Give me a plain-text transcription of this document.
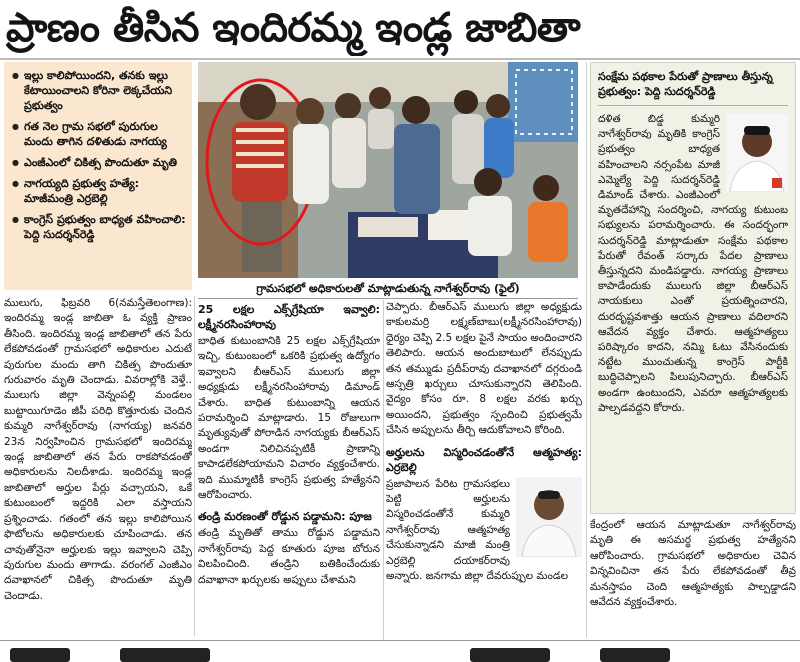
ప్రాణం తీసిన ఇందిరమ్మ ఇండ్ల జాబితా
● ఇల్లు కాలిపోయిందని, తనకు ఇల్లు కేటాయించాలని కోరినా లెక్కచేయని ప్రభుత్వం
● గత నెల గ్రామ సభలో పురుగుల మందు తాగిన దళితుడు నాగయ్య
● ఎంజీఎంలో చికిత్స పొందుతూ మృతి
● నాగయ్యది ప్రభుత్వ హత్యే: మాజీమంత్రి ఎర్రబెల్లి
● కాంగ్రెస్ ప్రభుత్వం బాధ్యత వహించాలి: పెద్ది సుదర్శన్‌రెడ్డి
గ్రామసభలో అధికారులతో మాట్లాడుతున్న నాగేశ్వర్‌రావు (ఫైల్)

ములుగు, ఫిబ్రవరి 6(నమస్తేతెలంగాణ): ఇందిరమ్మ ఇండ్ల జాబితా ఓ వ్యక్తి ప్రాణం తీసింది. ఇందిరమ్మ ఇండ్ల జాబితాలో తన పేరు లేకపోవడంతో గ్రామసభలో అధికారుల ఎదుటే పురుగుల మందు తాగి చికిత్స పొందుతూ గురువారం మృతి చెందాడు. వివరాల్లోకి వెళ్తే.. ములుగు జిల్లా వెన్నంపల్లి మండలం బుట్టాయిగూడెం జీపీ పరిధి కొత్తూరుకు చెందిన కుమ్మరి నాగేశ్వర్‌రావు (నాగయ్య) జనవరి 23న నిర్వహించిన గ్రామసభలో ఇందిరమ్మ ఇండ్ల జాబితాలో తన పేరు రాకపోవడంతో అధికారులను నిలదీశాడు. ఇందిరమ్మ ఇండ్ల జాబితాలో అర్హుల పేర్లు వచ్చాయని, ఒకే కుటుంబంలో ఇద్దరికి ఎలా వస్తాయని ప్రశ్నించాడు. గతంలో తన ఇల్లు కాలిపోయిన ఫొటోలను అధికారులకు చూపించాడు. తన చావుతోనైనా అర్హులకు ఇల్లు ఇవ్వాలని చెప్పి పురుగుల మందు తాగాడు. వరంగల్ ఎంజీఎం దవాఖానలో చికిత్స పొందుతూ మృతి చెందాడు.

25 లక్షల ఎక్స్‌గ్రేషియా ఇవ్వాలి: లక్ష్మీనరసింహారావు

బాధిత కుటుంబానికి 25 లక్షల ఎక్స్‌గ్రేషియా ఇచ్చి, కుటుంబంలో ఒకరికి ప్రభుత్వ ఉద్యోగం ఇవ్వాలని బీఆర్‌ఎస్ ములుగు జిల్లా అధ్యక్షుడు లక్ష్మీనరసింహారావు డిమాండ్ చేశారు. బాధిత కుటుంబాన్ని ఆయన పరామర్శించి మాట్లాడారు. 15 రోజులుగా మృత్యువుతో పోరాడిన నాగయ్యకు బీఆర్‌ఎస్ అండగా నిలిచినప్పటికీ ప్రాణాన్ని కాపాడలేకపోయామని విచారం వ్యక్తంచేశారు. ఇది ముమ్మాటికీ కాంగ్రెస్ ప్రభుత్వ హత్యేనని ఆరోపించారు.

తండ్రి మరణంతో రోడ్డున పడ్డామని: పూజ

తండ్రి మృతితో తాము రోడ్డున పడ్డామని నాగేశ్వర్‌రావు పెద్ద కూతురు పూజ బోరున విలపించింది. తండ్రిని బతికించేందుకు దవాఖానా ఖర్చులకు అప్పులు చేశామని

చెప్పారు. బీఆర్‌ఎస్ ములుగు జిల్లా అధ్యక్షుడు కాకులమర్రి లక్ష్మణ్‌బాబు(లక్ష్మీనరసింహారావు) ధైర్యం చెప్పి 2.5 లక్షల పైనే సాయం అందించారని తెలిపారు. ఆయన అందుబాటులో లేనప్పుడు తన తమ్ముడు ప్రదీప్‌రావు దవాఖానలో దగ్గరుండి ఆస్పత్రి ఖర్చులు చూసుకున్నారని తెలిపింది. వైద్యం కోసం రూ. 8 లక్షల వరకు ఖర్చు అయిందని, ప్రభుత్వం స్పందించి ప్రభుత్వమే చేసిన అప్పులను తీర్చి ఆదుకోవాలని కోరింది.

అర్హులను విస్మరించడంతోనే ఆత్మహత్య: ఎర్రబెల్లి

ప్రజాపాలన పేరిట గ్రామసభలు పెట్టి అర్హులను విస్మరించడంతోనే కుమ్మరి నాగేశ్వర్‌రావు ఆత్మహత్య చేసుకున్నాడని మాజీ మంత్రి ఎర్రబెల్లి దయాకర్‌రావు అన్నారు. జనగామ జిల్లా దేవరుప్పుల మండల

సంక్షేమ పథకాల పేరుతో ప్రాణాలు తీస్తున్న ప్రభుత్వం: పెద్ది సుదర్శన్‌రెడ్డి

దళిత బిడ్డ కుమ్మరి నాగేశ్వర్‌రావు మృతికి కాంగ్రెస్ ప్రభుత్వం బాధ్యత వహించాలని నర్సంపేట మాజీ ఎమ్మెల్యే పెద్ది సుదర్శన్‌రెడ్డి డిమాండ్ చేశారు. ఎంజీఎంలో మృతదేహాన్ని సందర్శించి, నాగయ్య కుటుంబ సభ్యులను పరామర్శించారు. ఈ సందర్భంగా సుదర్శన్‌రెడ్డి మాట్లాడుతూ సంక్షేమ పథకాల పేరుతో రేవంత్ సర్కారు పేదల ప్రాణాలు తీస్తున్నదని మండిపడ్డారు. నాగయ్య ప్రాణాలు కాపాడేందుకు ములుగు జిల్లా బీఆర్‌ఎస్ నాయకులు ఎంతో ప్రయత్నించారని, దురదృష్టవశాత్తు ఆయన ప్రాణాలు వదిలారని ఆవేదన వ్యక్తం చేశారు. ఆత్మహత్యలు పరిష్కారం కాదని, నమ్మి ఓటు వేసినందుకు నట్టేట ముంచుతున్న కాంగ్రెస్ పార్టీకి బుద్ధిచెప్పాలని పిలుపునిచ్చారు. బీఆర్‌ఎస్ అండగా ఉంటుందని, ఎవరూ ఆత్మహత్యలకు పాల్పడవద్దని కోరారు.

కేంద్రంలో ఆయన మాట్లాడుతూ నాగేశ్వర్‌రావు మృతి ఈ అసమర్థ ప్రభుత్వ హత్యేనని ఆరోపించారు. గ్రామసభలో అధికారుల చెవిన విన్నవించినా తన పేరు లేకపోవడంతో తీవ్ర మనస్తాపం చెంది ఆత్మహత్యకు పాల్పడ్డాడని ఆవేదన వ్యక్తంచేశారు.
